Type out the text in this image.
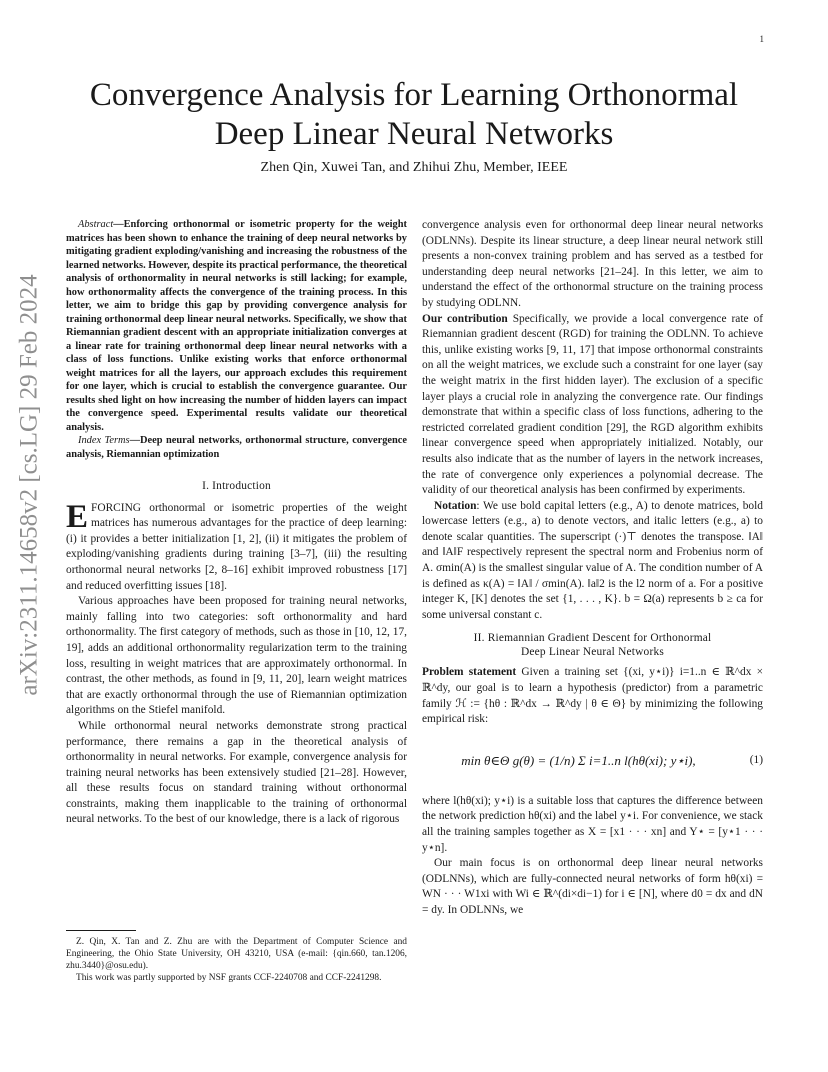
1
arXiv:2311.14658v2 [cs.LG] 29 Feb 2024
Convergence Analysis for Learning Orthonormal
Deep Linear Neural Networks
Zhen Qin, Xuwei Tan, and Zhihui Zhu, Member, IEEE

Abstract—Enforcing orthonormal or isometric property for the weight matrices has been shown to enhance the training of deep neural networks by mitigating gradient exploding/vanishing and increasing the robustness of the learned networks. However, despite its practical performance, the theoretical analysis of orthonormality in neural networks is still lacking; for example, how orthonormality affects the convergence of the training process. In this letter, we aim to bridge this gap by providing convergence analysis for training orthonormal deep linear neural networks. Specifically, we show that Riemannian gradient descent with an appropriate initialization converges at a linear rate for training orthonormal deep linear neural networks with a class of loss functions. Unlike existing works that enforce orthonormal weight matrices for all the layers, our approach excludes this requirement for one layer, which is crucial to establish the convergence guarantee. Our results shed light on how increasing the number of hidden layers can impact the convergence speed. Experimental results validate our theoretical analysis.

Index Terms—Deep neural networks, orthonormal structure, convergence analysis, Riemannian optimization

I. Introduction

EFORCING orthonormal or isometric properties of the weight matrices has numerous advantages for the practice of deep learning: (i) it provides a better initialization [1, 2], (ii) it mitigates the problem of exploding/vanishing gradients during training [3–7], (iii) the resulting orthonormal neural networks [2, 8–16] exhibit improved robustness [17] and reduced overfitting issues [18].

Various approaches have been proposed for training neural networks, mainly falling into two categories: soft orthonormality and hard orthonormality. The first category of methods, such as those in [10, 12, 17, 19], adds an additional orthonormality regularization term to the training loss, resulting in weight matrices that are approximately orthonormal. In contrast, the other methods, as found in [9, 11, 20], learn weight matrices that are exactly orthonormal through the use of Riemannian optimization algorithms on the Stiefel manifold.

While orthonormal neural networks demonstrate strong practical performance, there remains a gap in the theoretical analysis of orthonormality in neural networks. For example, convergence analysis for training neural networks has been extensively studied [21–28]. However, all these results focus on standard training without orthonormal constraints, making them inapplicable to the training of orthonormal neural networks. To the best of our knowledge, there is a lack of rigorous

Z. Qin, X. Tan and Z. Zhu are with the Department of Computer Science and Engineering, the Ohio State University, OH 43210, USA (e-mail: {qin.660, tan.1206, zhu.3440}@osu.edu).

This work was partly supported by NSF grants CCF-2240708 and CCF-2241298.

convergence analysis even for orthonormal deep linear neural networks (ODLNNs). Despite its linear structure, a deep linear neural network still presents a non-convex training problem and has served as a testbed for understanding deep neural networks [21–24]. In this letter, we aim to understand the effect of the orthonormal structure on the training process by studying ODLNN.

Our contribution Specifically, we provide a local convergence rate of Riemannian gradient descent (RGD) for training the ODLNN. To achieve this, unlike existing works [9, 11, 17] that impose orthonormal constraints on all the weight matrices, we exclude such a constraint for one layer (say the weight matrix in the first hidden layer). The exclusion of a specific layer plays a crucial role in analyzing the convergence rate. Our findings demonstrate that within a specific class of loss functions, adhering to the restricted correlated gradient condition [29], the RGD algorithm exhibits linear convergence speed when appropriately initialized. Notably, our results also indicate that as the number of layers in the network increases, the rate of convergence only experiences a polynomial decrease. The validity of our theoretical analysis has been confirmed by experiments.

Notation: We use bold capital letters (e.g., A) to denote matrices, bold lowercase letters (e.g., a) to denote vectors, and italic letters (e.g., a) to denote scalar quantities. The superscript (·)⊤ denotes the transpose. ‖A‖ and ‖A‖F respectively represent the spectral norm and Frobenius norm of A. σmin(A) is the smallest singular value of A. The condition number of A is defined as κ(A) = ‖A‖ / σmin(A). ‖a‖2 is the l2 norm of a. For a positive integer K, [K] denotes the set {1, . . . , K}. b = Ω(a) represents b ≥ ca for some universal constant c.

II. Riemannian Gradient Descent for Orthonormal
Deep Linear Neural Networks

Problem statement Given a training set {(xi, y⋆i)} i=1..n ∈ ℝ^dx × ℝ^dy, our goal is to learn a hypothesis (predictor) from a parametric family ℋ := {hθ : ℝ^dx → ℝ^dy | θ ∈ Θ} by minimizing the following empirical risk:

min θ∈Θ g(θ) = (1/n) Σ i=1..n l(hθ(xi); y⋆i),	(1)

where l(hθ(xi); y⋆i) is a suitable loss that captures the difference between the network prediction hθ(xi) and the label y⋆i. For convenience, we stack all the training samples together as X = [x1 · · · xn] and Y⋆ = [y⋆1 · · · y⋆n].

Our main focus is on orthonormal deep linear neural networks (ODLNNs), which are fully-connected neural networks of form hθ(xi) = WN · · · W1xi with Wi ∈ ℝ^(di×di−1) for i ∈ [N], where d0 = dx and dN = dy. In ODLNNs, we
